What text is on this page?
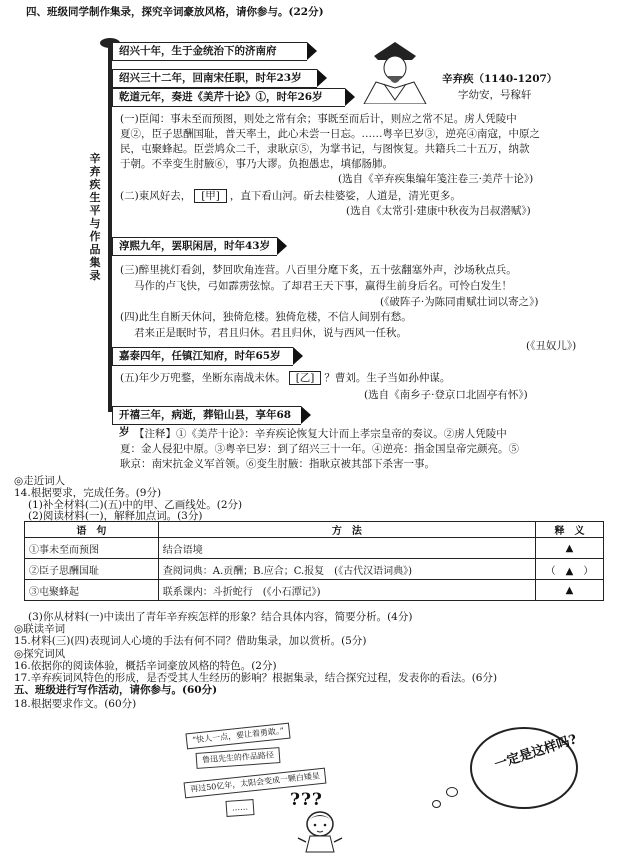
四、班级同学制作集录，探究辛词豪放风格，请你参与。(22分)
辛弃疾生平与作品集录
绍兴十年，生于金统治下的济南府
绍兴三十二年，回南宋任职，时年23岁
乾道元年，奏进《美芹十论》①，时年26岁
淳熙九年，罢职闲居，时年43岁
嘉泰四年，任镇江知府，时年65岁
开禧三年，病逝，葬铅山县，享年68岁
辛弃疾（1140-1207）
字幼安，号稼轩
(一)臣闻：事未至而预图，则处之常有余；事既至而后计，则应之常不足。虏人凭陵中
夏②，臣子思酬国耻，普天率土，此心未尝一日忘。……粤辛巳岁③，逆亮④南寇，中原之
民，屯聚蜂起。臣尝鸠众二千，隶耿京⑤，为掌书记，与图恢复。共籍兵二十五万，纳款
于朝。不幸变生肘腋⑥，事乃大谬。负抱愚忠，填郁肠肺。
(选自《辛弃疾集编年笺注卷三·美芹十论》)
(二)東风好去， [甲] ，直下看山河。斫去桂婆娑，人道是，清光更多。
(选自《太常引·建康中秋夜为吕叔潜赋》)
(三)醉里挑灯看剑，梦回吹角连营。八百里分麾下炙，五十弦翻塞外声，沙场秋点兵。
马作的卢飞快，弓如霹雳弦惊。了却君王天下事，赢得生前身后名。可怜白发生！
(《破阵子·为陈同甫赋壮词以寄之》)
(四)此生自断天休问，独倚危楼。独倚危楼，不信人间别有愁。
君来正是眠时节，君且归休。君且归休，说与西风一任秋。
(《丑奴儿》)
(五)年少万兜鍪，坐断东南战未休。 [乙] ？曹刘。生子当如孙仲谋。
(选自《南乡子·登京口北固亭有怀》)
【注释】①《美芹十论》：辛弃疾论恢复大计而上孝宗皇帝的奏议。②虏人凭陵中
夏：金人侵犯中原。③粤辛巳岁：到了绍兴三十一年。④逆亮：指金国皇帝完颜亮。⑤
耿京：南宋抗金义军首领。⑥变生肘腋：指耿京被其部下杀害一事。
◎走近词人
14.根据要求，完成任务。(9分)
(1)补全材料(二)(五)中的甲、乙画线处。(2分)
(2)阅读材料(一)，解释加点词。(3分)
语　句	方　法	释　义
①事未至而预图	结合语境	▲
②臣子思酬国耻	查阅词典：A.贡酬；B.应合；C.报复　(《古代汉语词典》)	（　▲　）
③屯聚蜂起	联系课内：斗折蛇行　(《小石潭记》)	▲
(3)你从材料(一)中读出了青年辛弃疾怎样的形象？结合具体内容，简要分析。(4分)
◎联读辛词
15.材料(三)(四)表现词人心境的手法有何不同？借助集录，加以赏析。(5分)
◎探究词风
16.依据你的阅读体验，概括辛词豪放风格的特色。(2分)
17.辛弃疾词风特色的形成，是否受其人生经历的影响？根据集录，结合探究过程，发表你的看法。(6分)
五、班级进行写作活动，请你参与。(60分)
18.根据要求作文。(60分)
“快人一点，要让着勇敢。”
鲁迅先生的作品路径
再过50亿年，太阳会变成一颗白矮星
……
一定是这样吗?
???
